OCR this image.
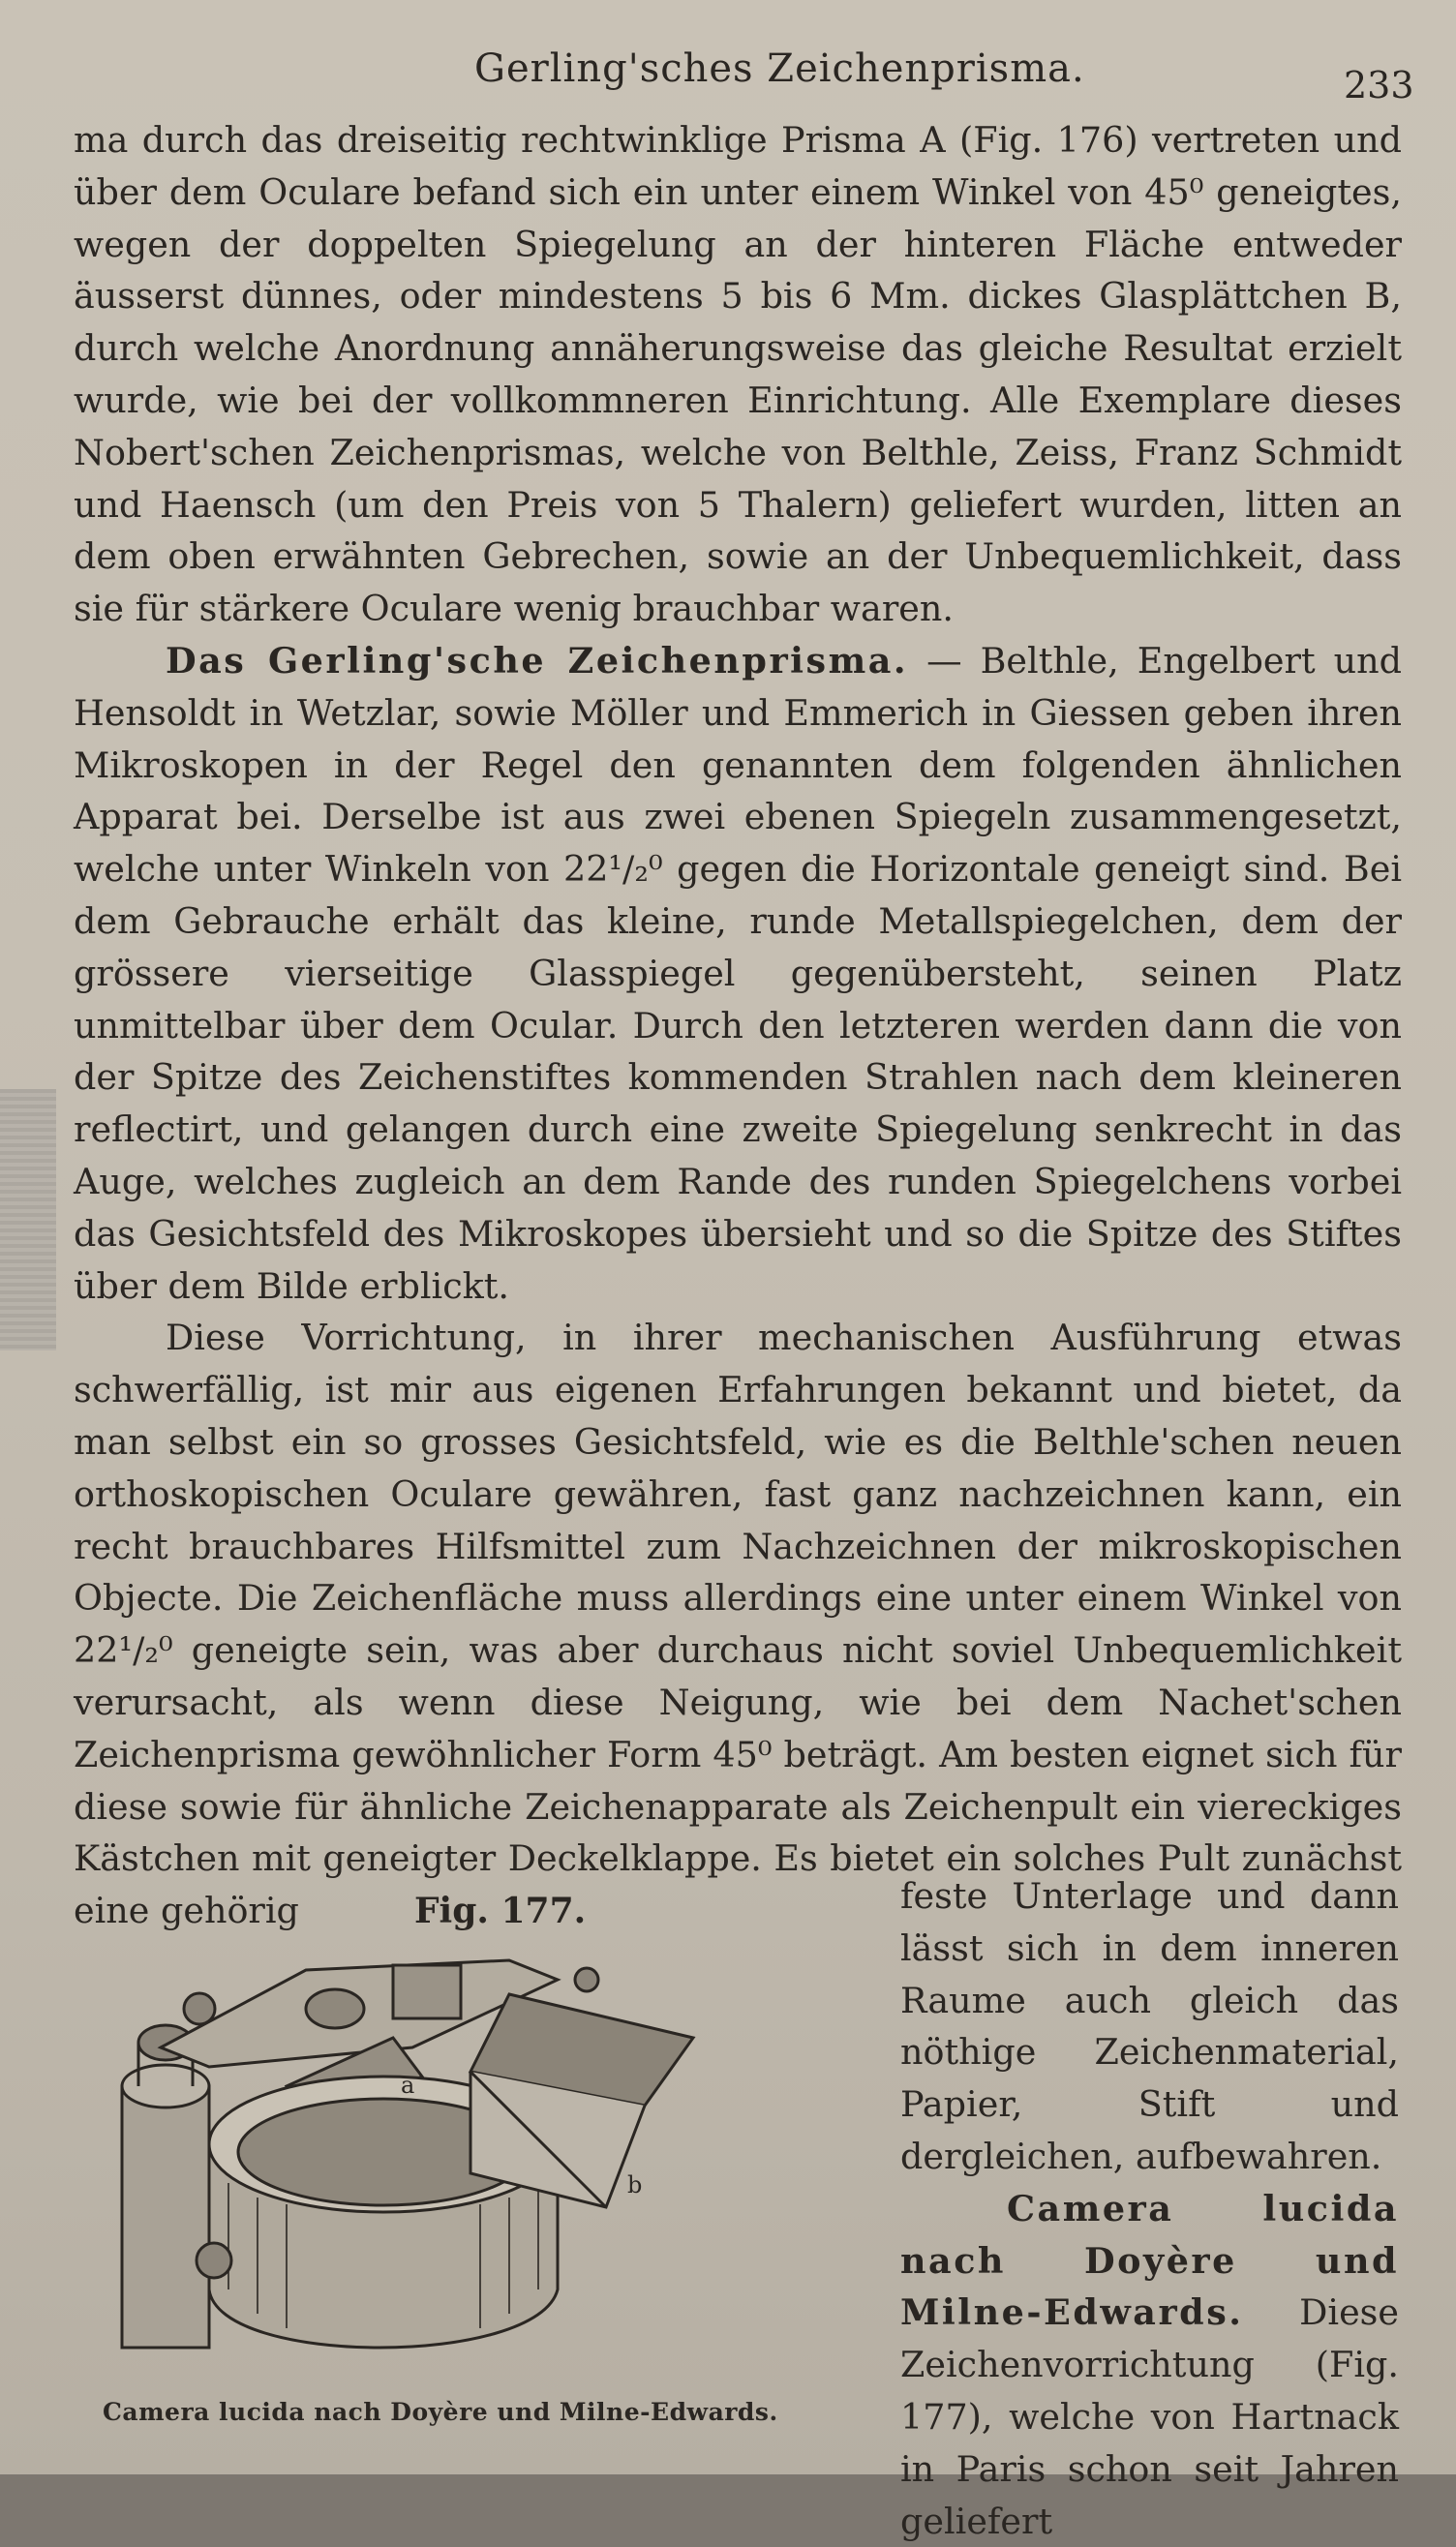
Gerling'sches Zeichenprisma.	233

ma durch das dreiseitig rechtwinklige Prisma A (Fig. 176) vertreten und über dem Oculare befand sich ein unter einem Winkel von 45⁰ geneigtes, wegen der doppelten Spiegelung an der hinteren Fläche entweder äusserst dünnes, oder mindestens 5 bis 6 Mm. dickes Glasplättchen B, durch welche Anordnung annäherungsweise das gleiche Resultat erzielt wurde, wie bei der vollkommneren Einrichtung. Alle Exemplare dieses Nobert'schen Zeichenprismas, welche von Belthle, Zeiss, Franz Schmidt und Haensch (um den Preis von 5 Thalern) geliefert wurden, litten an dem oben erwähnten Gebrechen, sowie an der Unbequemlichkeit, dass sie für stärkere Oculare wenig brauchbar waren.

Das Gerling'sche Zeichenprisma. — Belthle, Engelbert und Hensoldt in Wetzlar, sowie Möller und Emmerich in Giessen geben ihren Mikroskopen in der Regel den genannten dem folgenden ähnlichen Apparat bei. Derselbe ist aus zwei ebenen Spiegeln zusammengesetzt, welche unter Winkeln von 22¹/₂⁰ gegen die Horizontale geneigt sind. Bei dem Gebrauche erhält das kleine, runde Metallspiegelchen, dem der grössere vierseitige Glasspiegel gegenübersteht, seinen Platz unmittelbar über dem Ocular. Durch den letzteren werden dann die von der Spitze des Zeichenstiftes kommenden Strahlen nach dem kleineren reflectirt, und gelangen durch eine zweite Spiegelung senkrecht in das Auge, welches zugleich an dem Rande des runden Spiegelchens vorbei das Gesichtsfeld des Mikroskopes übersieht und so die Spitze des Stiftes über dem Bilde erblickt.

Diese Vorrichtung, in ihrer mechanischen Ausführung etwas schwerfällig, ist mir aus eigenen Erfahrungen bekannt und bietet, da man selbst ein so grosses Gesichtsfeld, wie es die Belthle'schen neuen orthoskopischen Oculare gewähren, fast ganz nachzeichnen kann, ein recht brauchbares Hilfsmittel zum Nachzeichnen der mikroskopischen Objecte. Die Zeichenfläche muss allerdings eine unter einem Winkel von 22¹/₂⁰ geneigte sein, was aber durchaus nicht soviel Unbequemlichkeit verursacht, als wenn diese Neigung, wie bei dem Nachet'schen Zeichenprisma gewöhnlicher Form 45⁰ beträgt. Am besten eignet sich für diese sowie für ähnliche Zeichenapparate als Zeichenpult ein viereckiges Kästchen mit geneigter Deckelklappe. Es bietet ein solches Pult zunächst eine gehörig	Fig. 177.
a
b
Camera lucida nach Doyère und Milne-Edwards.

feste Unterlage und dann lässt sich in dem inneren Raume auch gleich das nöthige Zeichenmaterial, Papier, Stift und dergleichen, aufbewahren.

Camera lucida nach Doyère und Milne-Edwards. Diese Zeichenvorrichtung (Fig. 177), welche von Hartnack in Paris schon seit Jahren geliefert
